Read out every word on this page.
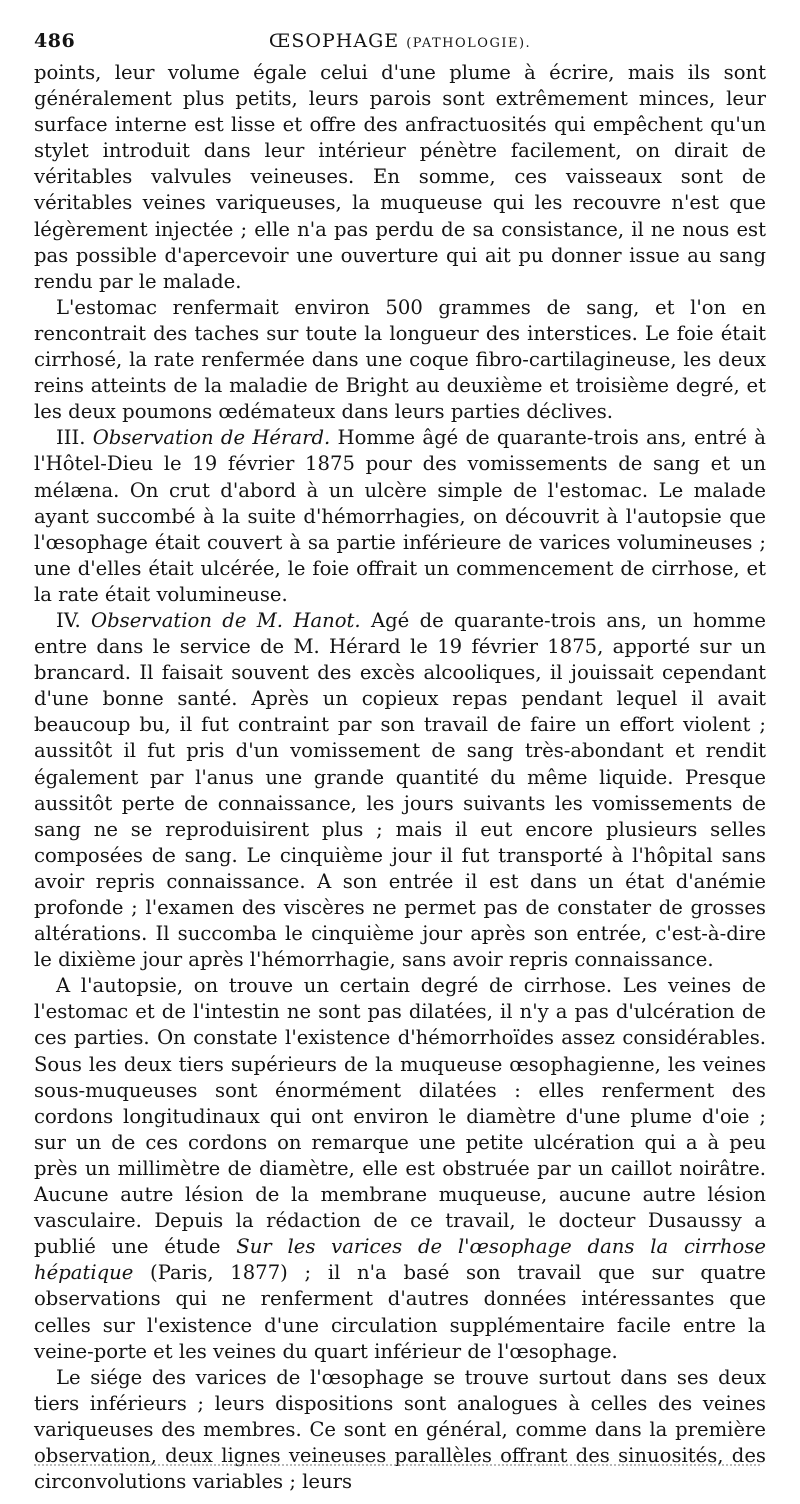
486	ŒSOPHAGE (PATHOLOGIE).

points, leur volume égale celui d'une plume à écrire, mais ils sont généralement plus petits, leurs parois sont extrêmement minces, leur surface interne est lisse et offre des anfractuosités qui empêchent qu'un stylet introduit dans leur intérieur pénètre facilement, on dirait de véritables valvules veineuses. En somme, ces vaisseaux sont de véritables veines variqueuses, la muqueuse qui les recouvre n'est que légèrement injectée ; elle n'a pas perdu de sa consistance, il ne nous est pas possible d'apercevoir une ouverture qui ait pu donner issue au sang rendu par le malade.

L'estomac renfermait environ 500 grammes de sang, et l'on en rencontrait des taches sur toute la longueur des interstices. Le foie était cirrhosé, la rate renfermée dans une coque fibro-cartilagineuse, les deux reins atteints de la maladie de Bright au deuxième et troisième degré, et les deux poumons œdémateux dans leurs parties déclives.

III. Observation de Hérard. Homme âgé de quarante-trois ans, entré à l'Hôtel-Dieu le 19 février 1875 pour des vomissements de sang et un mélæna. On crut d'abord à un ulcère simple de l'estomac. Le malade ayant succombé à la suite d'hémorrhagies, on découvrit à l'autopsie que l'œsophage était couvert à sa partie inférieure de varices volumineuses ; une d'elles était ulcérée, le foie offrait un commencement de cirrhose, et la rate était volumineuse.

IV. Observation de M. Hanot. Agé de quarante-trois ans, un homme entre dans le service de M. Hérard le 19 février 1875, apporté sur un brancard. Il faisait souvent des excès alcooliques, il jouissait cependant d'une bonne santé. Après un copieux repas pendant lequel il avait beaucoup bu, il fut contraint par son travail de faire un effort violent ; aussitôt il fut pris d'un vomissement de sang très-abondant et rendit également par l'anus une grande quantité du même liquide. Presque aussitôt perte de connaissance, les jours suivants les vomissements de sang ne se reproduisirent plus ; mais il eut encore plusieurs selles composées de sang. Le cinquième jour il fut transporté à l'hôpital sans avoir repris connaissance. A son entrée il est dans un état d'anémie profonde ; l'examen des viscères ne permet pas de constater de grosses altérations. Il succomba le cinquième jour après son entrée, c'est-à-dire le dixième jour après l'hémorrhagie, sans avoir repris connaissance.

A l'autopsie, on trouve un certain degré de cirrhose. Les veines de l'estomac et de l'intestin ne sont pas dilatées, il n'y a pas d'ulcération de ces parties. On constate l'existence d'hémorrhoïdes assez considérables. Sous les deux tiers supérieurs de la muqueuse œsophagienne, les veines sous-muqueuses sont énormément dilatées : elles renferment des cordons longitudinaux qui ont environ le diamètre d'une plume d'oie ; sur un de ces cordons on remarque une petite ulcération qui a à peu près un millimètre de diamètre, elle est obstruée par un caillot noirâtre. Aucune autre lésion de la membrane muqueuse, aucune autre lésion vasculaire. Depuis la rédaction de ce travail, le docteur Dusaussy a publié une étude Sur les varices de l'œsophage dans la cirrhose hépatique (Paris, 1877) ; il n'a basé son travail que sur quatre observations qui ne renferment d'autres données intéressantes que celles sur l'existence d'une circulation supplémentaire facile entre la veine-porte et les veines du quart inférieur de l'œsophage.

Le siége des varices de l'œsophage se trouve surtout dans ses deux tiers inférieurs ; leurs dispositions sont analogues à celles des veines variqueuses des membres. Ce sont en général, comme dans la première observation, deux lignes veineuses parallèles offrant des sinuosités, des circonvolutions variables ; leurs
